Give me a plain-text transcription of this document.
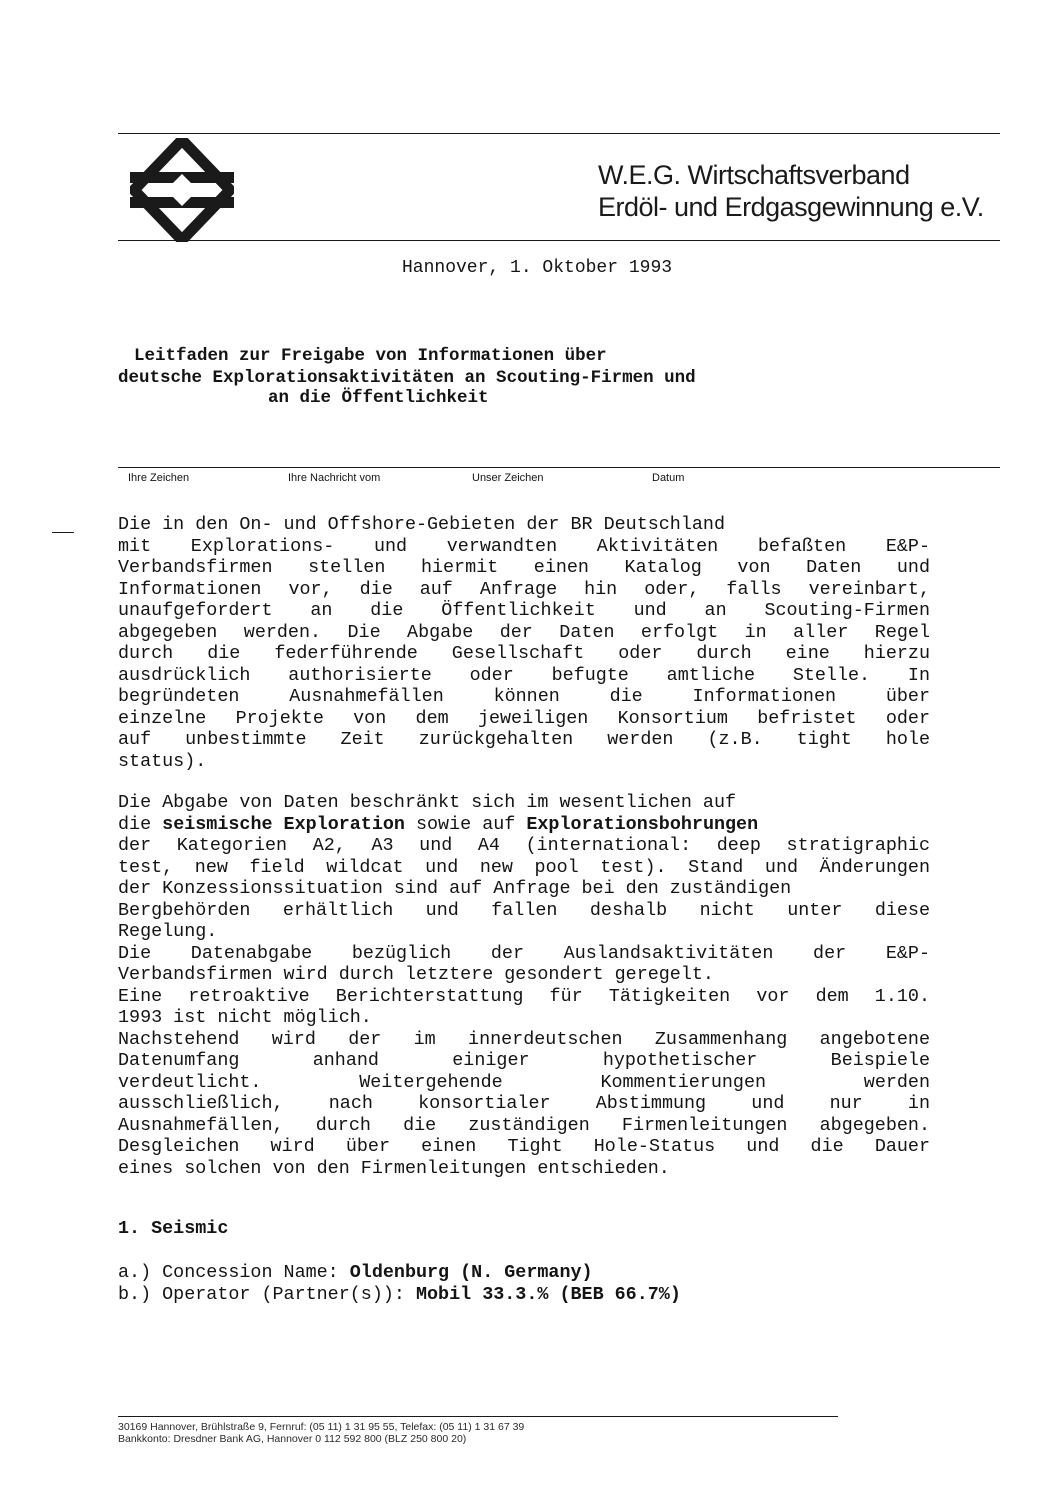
W.E.G. Wirtschaftsverband
Erdöl- und Erdgasgewinnung e.V.
Hannover, 1. Oktober 1993
Leitfaden zur Freigabe von Informationen über
deutsche Explorationsaktivitäten an Scouting-Firmen und
an die Öffentlichkeit
Ihre Zeichen	Ihre Nachricht vom	Unser Zeichen	Datum
Die in den On- und Offshore-Gebieten der BR Deutschland
mit Explorations- und verwandten Aktivitäten befaßten E&P-
Verbandsfirmen stellen hiermit einen Katalog von Daten und
Informationen vor, die auf Anfrage hin oder, falls vereinbart,
unaufgefordert an die Öffentlichkeit und an Scouting-Firmen
abgegeben werden. Die Abgabe der Daten erfolgt in aller Regel
durch die federführende Gesellschaft oder durch eine hierzu
ausdrücklich authorisierte oder befugte amtliche Stelle. In
begründeten Ausnahmefällen können die Informationen über
einzelne Projekte von dem jeweiligen Konsortium befristet oder
auf unbestimmte Zeit zurückgehalten werden (z.B. tight hole
status).
Die Abgabe von Daten beschränkt sich im wesentlichen auf
die seismische Exploration sowie auf Explorationsbohrungen
der Kategorien A2, A3 und A4 (international: deep stratigraphic
test, new field wildcat und new pool test). Stand und Änderungen
der Konzessionssituation sind auf Anfrage bei den zuständigen
Bergbehörden erhältlich und fallen deshalb nicht unter diese
Regelung.
Die Datenabgabe bezüglich der Auslandsaktivitäten der E&P-
Verbandsfirmen wird durch letztere gesondert geregelt.
Eine retroaktive Berichterstattung für Tätigkeiten vor dem 1.10.
1993 ist nicht möglich.
Nachstehend wird der im innerdeutschen Zusammenhang angebotene
Datenumfang anhand einiger hypothetischer Beispiele
verdeutlicht. Weitergehende Kommentierungen werden
ausschließlich, nach konsortialer Abstimmung und nur in
Ausnahmefällen, durch die zuständigen Firmenleitungen abgegeben.
Desgleichen wird über einen Tight Hole-Status und die Dauer
eines solchen von den Firmenleitungen entschieden.
1. Seismic
a.) Concession Name: Oldenburg (N. Germany)
b.) Operator (Partner(s)): Mobil 33.3.% (BEB 66.7%)
30169 Hannover, Brühlstraße 9, Fernruf: (05 11) 1 31 95 55, Telefax: (05 11) 1 31 67 39
Bankkonto: Dresdner Bank AG, Hannover 0 112 592 800 (BLZ 250 800 20)
